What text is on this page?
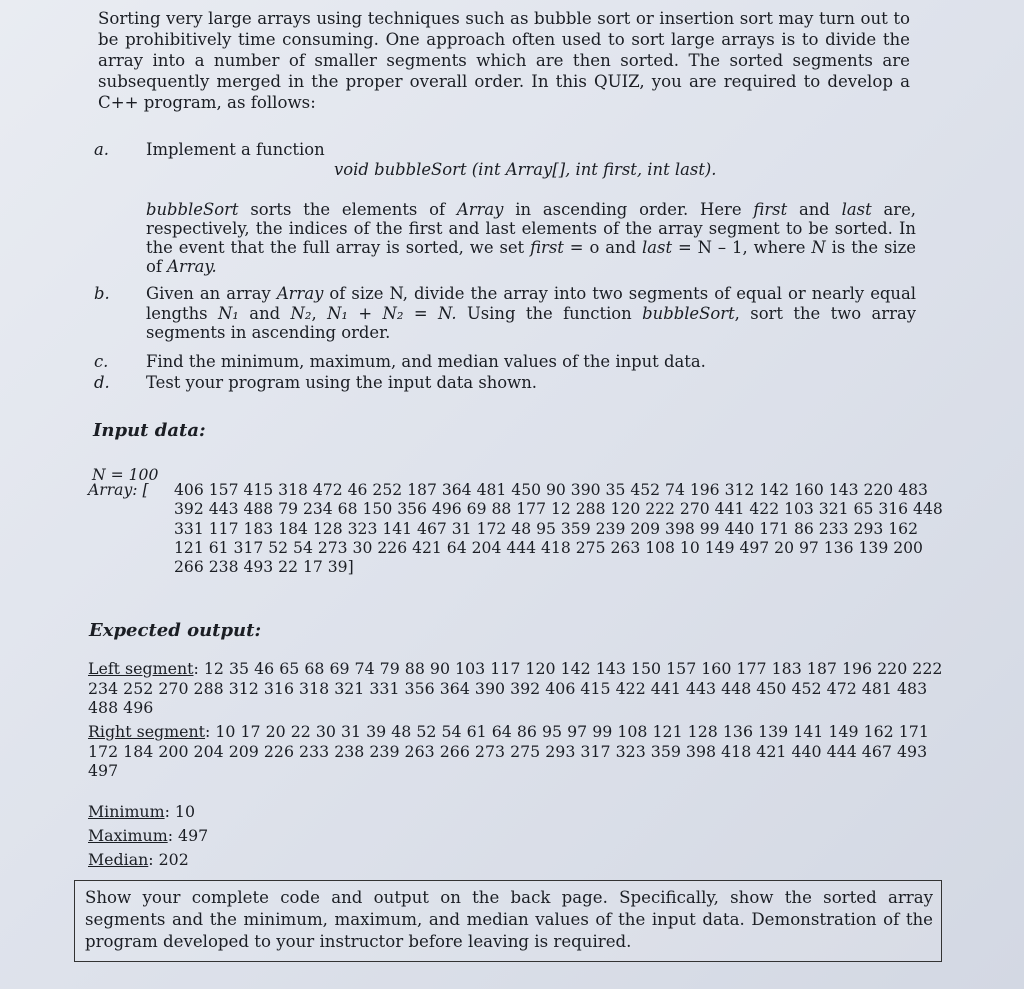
Sorting very large arrays using techniques such as bubble sort or insertion sort may turn out to be prohibitively time consuming. One approach often used to sort large arrays is to divide the array into a number of smaller segments which are then sorted. The sorted segments are subsequently merged in the proper overall order. In this QUIZ, you are required to develop a C++ program, as follows:

a. Implement a function
void bubbleSort (int Array[], int first, int last).

bubbleSort sorts the elements of Array in ascending order. Here first and last are, respectively, the indices of the first and last elements of the array segment to be sorted. In the event that the full array is sorted, we set first = o and last = N – 1, where N is the size of Array.

b. Given an array Array of size N, divide the array into two segments of equal or nearly equal lengths N₁ and N₂, N₁ + N₂ = N. Using the function bubbleSort, sort the two array segments in ascending order.
c. Find the minimum, maximum, and median values of the input data.
d. Test your program using the input data shown.
Input data:
N = 100
Array: [	406 157 415 318 472 46 252 187 364 481 450 90 390 35 452 74 196 312 142 160 143 220 483 392 443 488 79 234 68 150 356 496 69 88 177 12 288 120 222 270 441 422 103 321 65 316 448 331 117 183 184 128 323 141 467 31 172 48 95 359 239 209 398 99 440 171 86 233 293 162 121 61 317 52 54 273 30 226 421 64 204 444 418 275 263 108 10 149 497 20 97 136 139 200 266 238 493 22 17 39]
Expected output:
Left segment: 12 35 46 65 68 69 74 79 88 90 103 117 120 142 143 150 157 160 177 183 187 196 220 222 234 252 270 288 312 316 318 321 331 356 364 390 392 406 415 422 441 443 448 450 452 472 481 483 488 496
Right segment: 10 17 20 22 30 31 39 48 52 54 61 64 86 95 97 99 108 121 128 136 139 141 149 162 171 172 184 200 204 209 226 233 238 239 263 266 273 275 293 317 323 359 398 418 421 440 444 467 493 497
Minimum: 10
Maximum: 497
Median: 202
Show your complete code and output on the back page. Specifically, show the sorted array segments and the minimum, maximum, and median values of the input data. Demonstration of the program developed to your instructor before leaving is required.
